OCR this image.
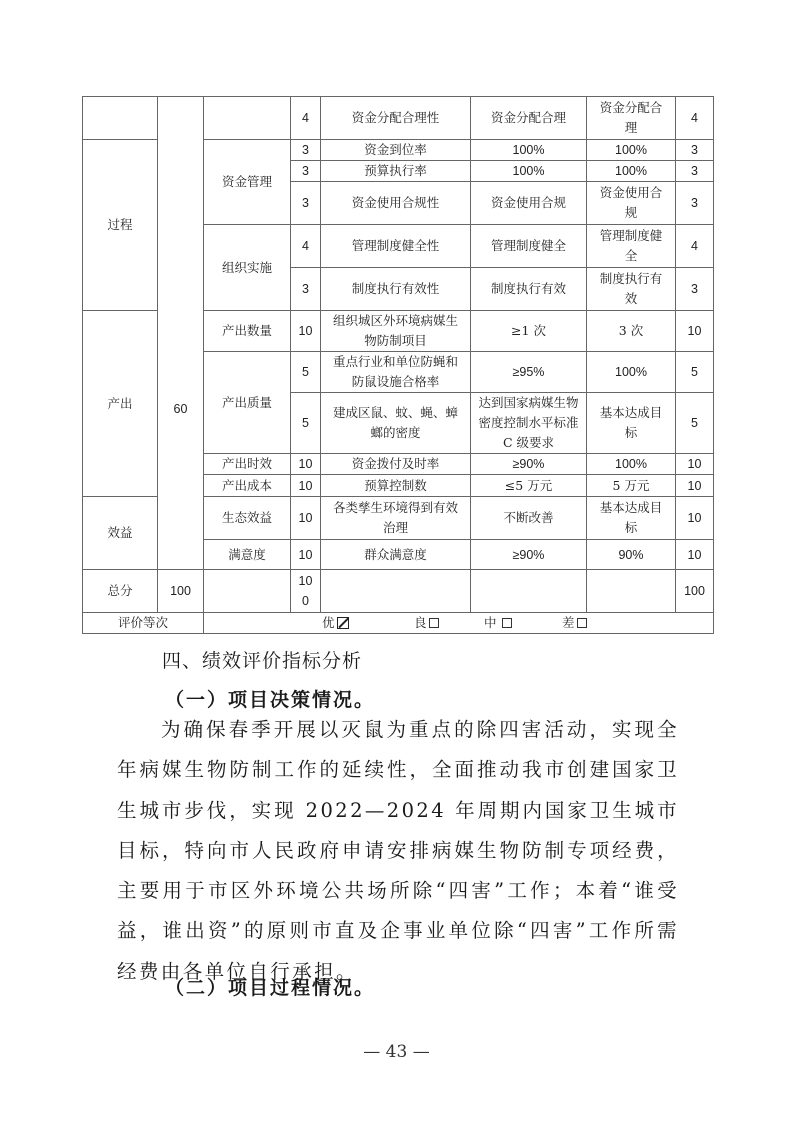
	60		4	资金分配合理性	资金分配合理	资金分配合理	4
过程		资金管理	3	资金到位率	100%	100%	3
			3	预算执行率	100%	100%	3
			3	资金使用合规性	资金使用合规	资金使用合规	3
		组织实施	4	管理制度健全性	管理制度健全	管理制度健全	4
			3	制度执行有效性	制度执行有效	制度执行有效	3
产出		产出数量	10	组织城区外环境病媒生物防制项目	≥1 次	3 次	10
		产出质量	5	重点行业和单位防蝇和防鼠设施合格率	≥95%	100%	5
			5	建成区鼠、蚊、蝇、蟑螂的密度	达到国家病媒生物密度控制水平标准 C 级要求	基本达成目标	5
		产出时效	10	资金拨付及时率	≥90%	100%	10
		产出成本	10	预算控制数	≤5 万元	5 万元	10
效益		生态效益	10	各类孳生环境得到有效治理	不断改善	基本达成目标	10
		满意度	10	群众满意度	≥90%	90%	10
总分	100		100				100
评价等次		优 良 中 差					
四、绩效评价指标分析
（一）项目决策情况。
为确保春季开展以灭鼠为重点的除四害活动，实现全年病媒生物防制工作的延续性，全面推动我市创建国家卫生城市步伐，实现 2022—2024 年周期内国家卫生城市目标，特向市人民政府申请安排病媒生物防制专项经费，主要用于市区外环境公共场所除“四害”工作；本着“谁受益，谁出资”的原则市直及企事业单位除“四害”工作所需经费由各单位自行承担。
（二）项目过程情况。
— 43 —
